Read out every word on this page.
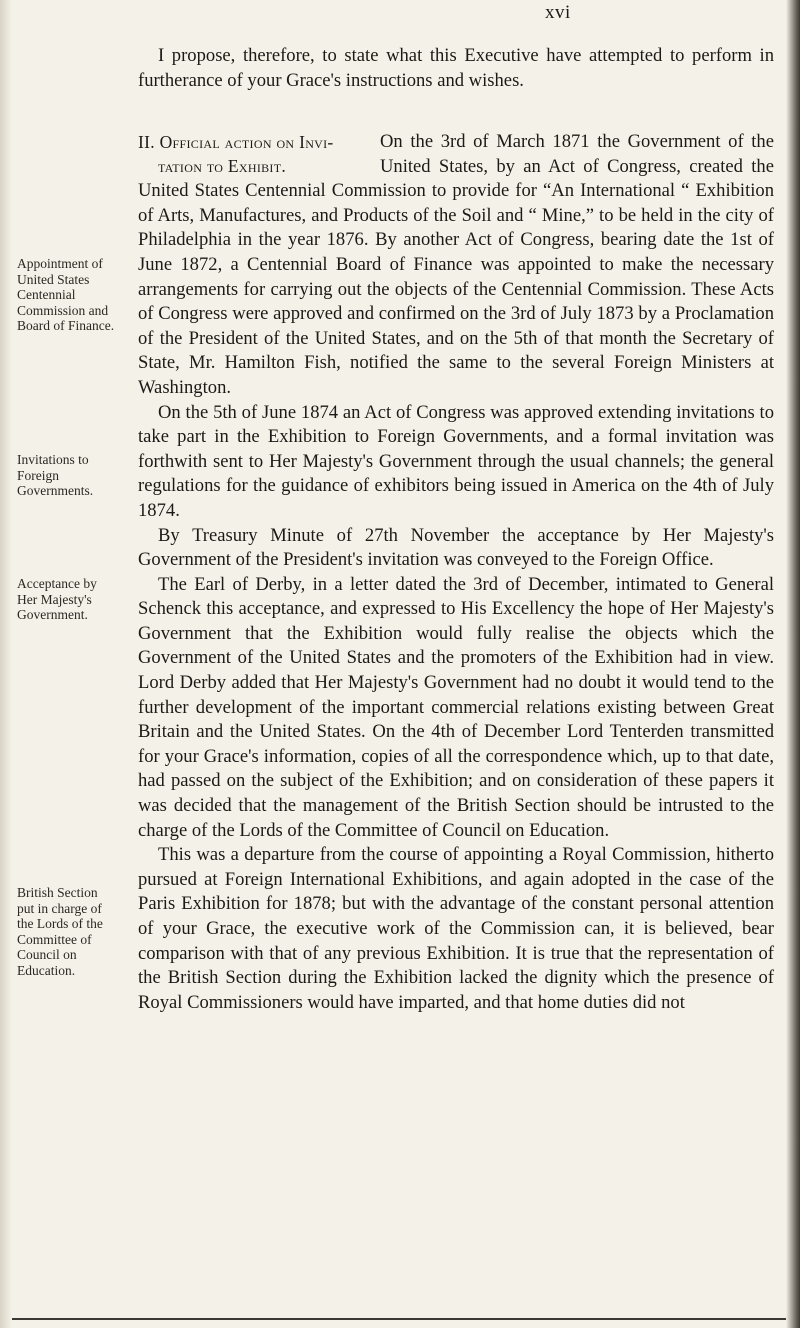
xvi
Appointment of United States Centennial Commission and Board of Finance.
Invitations to Foreign Governments.
Acceptance by Her Majesty's Government.
British Section put in charge of the Lords of the Committee of Council on Education.

I propose, therefore, to state what this Executive have attempted to perform in furtherance of your Grace's instructions and wishes.

II. Official action on Invi-

tation to Exhibit.

On the 3rd of March 1871 the Government of the United States, by an Act of Congress, created the United States Centennial Commission to provide for “An International “ Exhibition of Arts, Manufactures, and Products of the Soil and “ Mine,” to be held in the city of Philadelphia in the year 1876. By another Act of Congress, bearing date the 1st of June 1872, a Centennial Board of Finance was appointed to make the necessary arrangements for carrying out the objects of the Centennial Commission. These Acts of Congress were approved and confirmed on the 3rd of July 1873 by a Proclamation of the President of the United States, and on the 5th of that month the Secretary of State, Mr. Hamilton Fish, notified the same to the several Foreign Ministers at Washington.

On the 5th of June 1874 an Act of Congress was approved extending invitations to take part in the Exhibition to Foreign Governments, and a formal invitation was forthwith sent to Her Majesty's Government through the usual channels; the general regulations for the guidance of exhibitors being issued in America on the 4th of July 1874.

By Treasury Minute of 27th November the acceptance by Her Majesty's Government of the President's invitation was conveyed to the Foreign Office.

The Earl of Derby, in a letter dated the 3rd of December, intimated to General Schenck this acceptance, and expressed to His Excellency the hope of Her Majesty's Government that the Exhibition would fully realise the objects which the Government of the United States and the promoters of the Exhibition had in view. Lord Derby added that Her Majesty's Government had no doubt it would tend to the further development of the important commercial relations existing between Great Britain and the United States. On the 4th of December Lord Tenterden transmitted for your Grace's information, copies of all the correspondence which, up to that date, had passed on the subject of the Exhibition; and on consideration of these papers it was decided that the management of the British Section should be intrusted to the charge of the Lords of the Committee of Council on Education.

This was a departure from the course of appointing a Royal Commission, hitherto pursued at Foreign International Exhibitions, and again adopted in the case of the Paris Exhibition for 1878; but with the advantage of the constant personal attention of your Grace, the executive work of the Commission can, it is believed, bear comparison with that of any previous Exhibition. It is true that the representation of the British Section during the Exhibition lacked the dignity which the presence of Royal Commissioners would have imparted, and that home duties did not
